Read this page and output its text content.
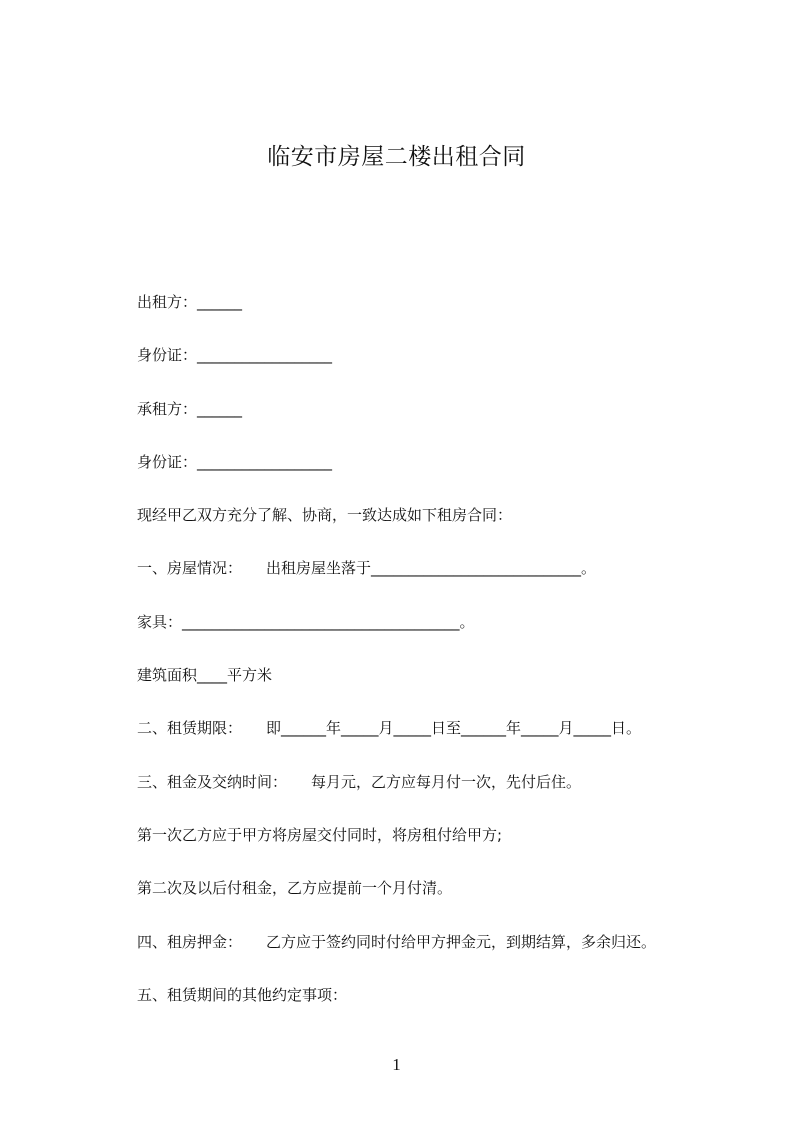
临安市房屋二楼出租合同
出租方：______
身份证：__________________
承租方：______
身份证：__________________
现经甲乙双方充分了解、协商，一致达成如下租房合同：
一、房屋情况： 出租房屋坐落于____________________________。
家具：_____________________________________。
建筑面积____平方米
二、租赁期限： 即______年_____月_____日至______年_____月_____日。
三、租金及交纳时间： 每月元，乙方应每月付一次，先付后住。
第一次乙方应于甲方将房屋交付同时，将房租付给甲方;
第二次及以后付租金，乙方应提前一个月付清。
四、租房押金： 乙方应于签约同时付给甲方押金元，到期结算，多余归还。
五、租赁期间的其他约定事项：
1
